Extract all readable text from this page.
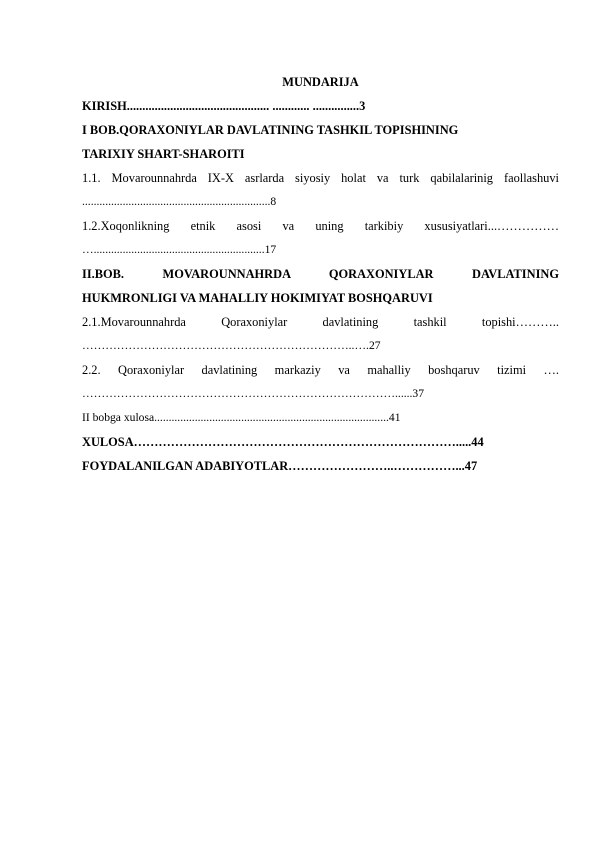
MUNDARIJA
KIRISH.............................................. ............ ...............3
I BOB.QORAXONIYLAR DAVLATINING TASHKIL TOPISHINING
TARIXIY SHART-SHAROITI
1.1. Movarounnahrda IX-X asrlarda siyosiy holat va turk qabilalarinig faollashuvi
.................................................................8
1.2.Xoqonlikning etnik asosi va uning tarkibiy xususiyatlari...……………
…...........................................................17
II.BOB. MOVAROUNNAHRDA QORAXONIYLAR DAVLATINING
HUKMRONLIGI VA MAHALLIY HOKIMIYAT BOSHQARUVI
2.1.Movarounnahrda Qoraxoniylar davlatining tashkil topishi………..
……………………………………………………………..….27
2.2. Qoraxoniylar davlatining markaziy va mahalliy boshqaruv tizimi ….
………………………………………………………………………......37
II bobga xulosa.................................................................................41
XULOSA…………………………………………………………………….....44
FOYDALANILGAN ADABIYOTLAR……………………..……………...47
